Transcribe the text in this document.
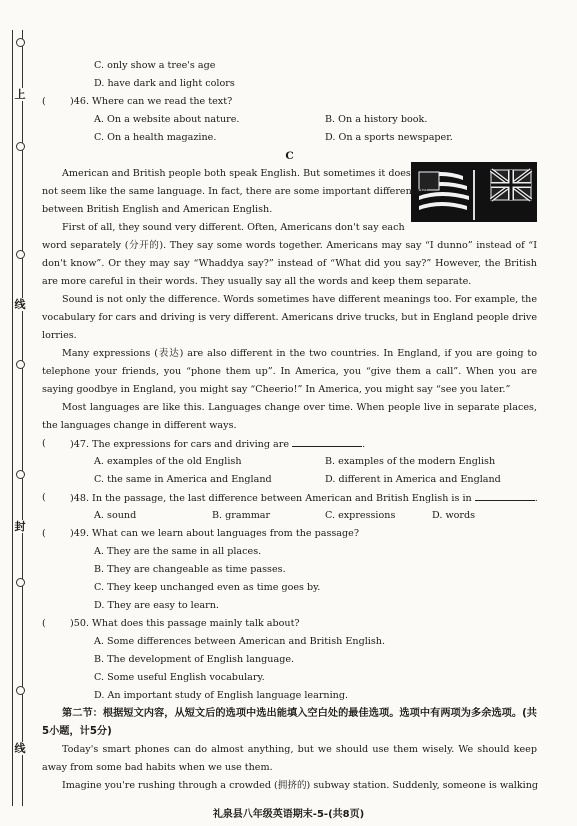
上
线
封
线
C. only show a tree's age
D. have dark and light colors
(	)46. Where can we read the text?
A. On a website about nature.	B. On a history book.
C. On a health magazine.	D. On a sports newspaper.
C
American and British people both speak English. But sometimes it does
not seem like the same language. In fact, there are some important differences
between British English and American English.
First of all, they sound very different. Often, Americans don't say each

word separately (分开的). They say some words together. Americans may say “I dunno” instead of “I don't know”. Or they may say “Whaddya say?” instead of “What did you say?” However, the British are more careful in their words. They usually say all the words and keep them separate.

Sound is not only the difference. Words sometimes have different meanings too. For example, the vocabulary for cars and driving is very different. Americans drive trucks, but in England people drive lorries.

Many expressions (表达) are also different in the two countries. In England, if you are going to telephone your friends, you “phone them up”. In America, you “give them a call”. When you are saying goodbye in England, you might say “Cheerio!” In America, you might say “see you later.”

Most languages are like this. Languages change over time. When people live in separate places, the languages change in different ways.

(	)47. The expressions for cars and driving are	.
A. examples of the old English	B. examples of the modern English
C. the same in America and England	D. different in America and England
(	)48. In the passage, the last difference between American and British English is in	.
A. sound	B. grammar	C. expressions	D. words
(	)49. What can we learn about languages from the passage?
A. They are the same in all places.
B. They are changeable as time passes.
C. They keep unchanged even as time goes by.
D. They are easy to learn.
(	)50. What does this passage mainly talk about?
A. Some differences between American and British English.
B. The development of English language.
C. Some useful English vocabulary.
D. An important study of English language learning.

第二节：根据短文内容，从短文后的选项中选出能填入空白处的最佳选项。选项中有两项为多余选项。(共5小题，计5分)

Today's smart phones can do almost anything, but we should use them wisely. We should keep away from some bad habits when we use them.

Imagine you're rushing through a crowded (拥挤的) subway station. Suddenly, someone is walking

礼泉县八年级英语期末-5-(共8页)
